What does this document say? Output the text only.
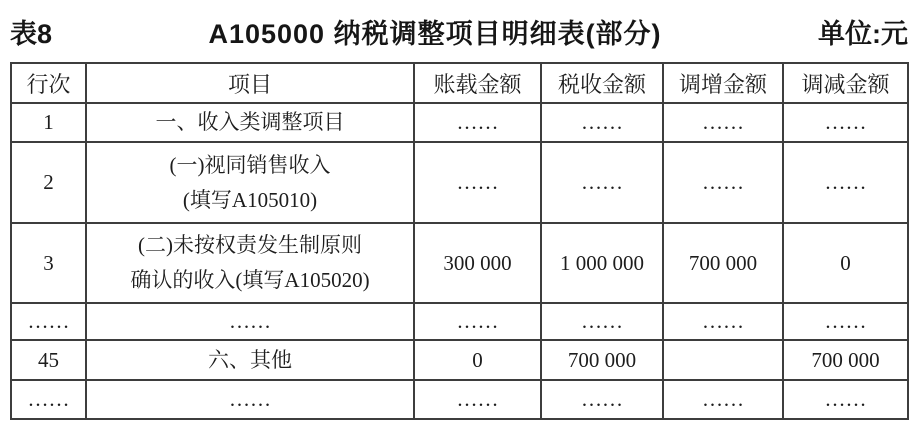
表8	A105000 纳税调整项目明细表(部分)	单位:元
行次	项目	账载金额	税收金额	调增金额	调减金额
1	一、收入类调整项目	……	……	……	……
2	(一)视同销售收入
(填写A105010)	……	……	……	……
3	(二)未按权责发生制原则
确认的收入(填写A105020)	300 000	1 000 000	700 000	0
……	……	……	……	……	……
45	六、其他	0	700 000		700 000
……	……	……	……	……	……
